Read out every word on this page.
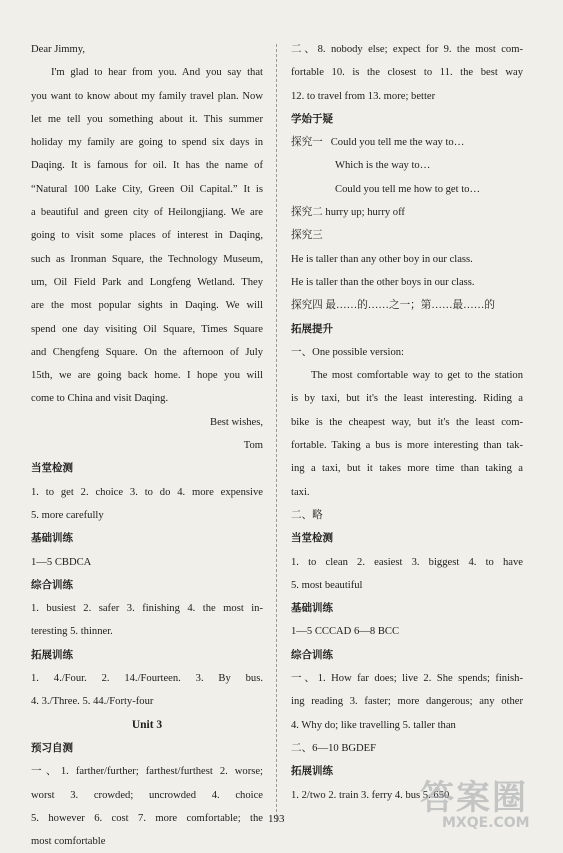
Dear Jimmy,
I'm glad to hear from you. And you say that
you want to know about my family travel plan. Now
let me tell you something about it. This summer
holiday my family are going to spend six days in
Daqing. It is famous for oil. It has the name of
“Natural 100 Lake City, Green Oil Capital.” It is
a beautiful and green city of Heilongjiang. We are
going to visit some places of interest in Daqing,
such as Ironman Square, the Technology Museum,
um, Oil Field Park and Longfeng Wetland. They
are the most popular sights in Daqing. We will
spend one day visiting Oil Square, Times Square
and Chengfeng Square. On the afternoon of July
15th, we are going back home. I hope you will
come to China and visit Daqing.
Best wishes,
Tom
当堂检测
1. to get 2. choice 3. to do 4. more expensive
5. more carefully
基础训练
1—5 CBDCA
综合训练
1. busiest 2. safer 3. finishing 4. the most in-
teresting 5. thinner.
拓展训练
1. 4./Four. 2. 14./Fourteen. 3. By bus.
4. 3./Three. 5. 44./Forty-four
Unit 3
预习自测
一、1. farther/further; farthest/furthest 2. worse;
worst 3. crowded; uncrowded 4. choice
5. however 6. cost 7. more comfortable; the
most comfortable
二、8. nobody else; expect for 9. the most com-
fortable 10. is the closest to 11. the best way
12. to travel from 13. more; better
学始于疑
探究一 Could you tell me the way to…
Which is the way to…
Could you tell me how to get to…
探究二 hurry up; hurry off
探究三
He is taller than any other boy in our class.
He is taller than the other boys in our class.
探究四 最……的……之一；第……最……的
拓展提升
一、One possible version:
The most comfortable way to get to the station
is by taxi, but it's the least interesting. Riding a
bike is the cheapest way, but it's the least com-
fortable. Taking a bus is more interesting than tak-
ing a taxi, but it takes more time than taking a
taxi.
二、略
当堂检测
1. to clean 2. easiest 3. biggest 4. to have
5. most beautiful
基础训练
1—5 CCCAD 6—8 BCC
综合训练
一、1. How far does; live 2. She spends; finish-
ing reading 3. faster; more dangerous; any other
4. Why do; like travelling 5. taller than
二、6—10 BGDEF
拓展训练
1. 2/two 2. train 3. ferry 4. bus 5. 650
193
答案圈
MXQE.COM
